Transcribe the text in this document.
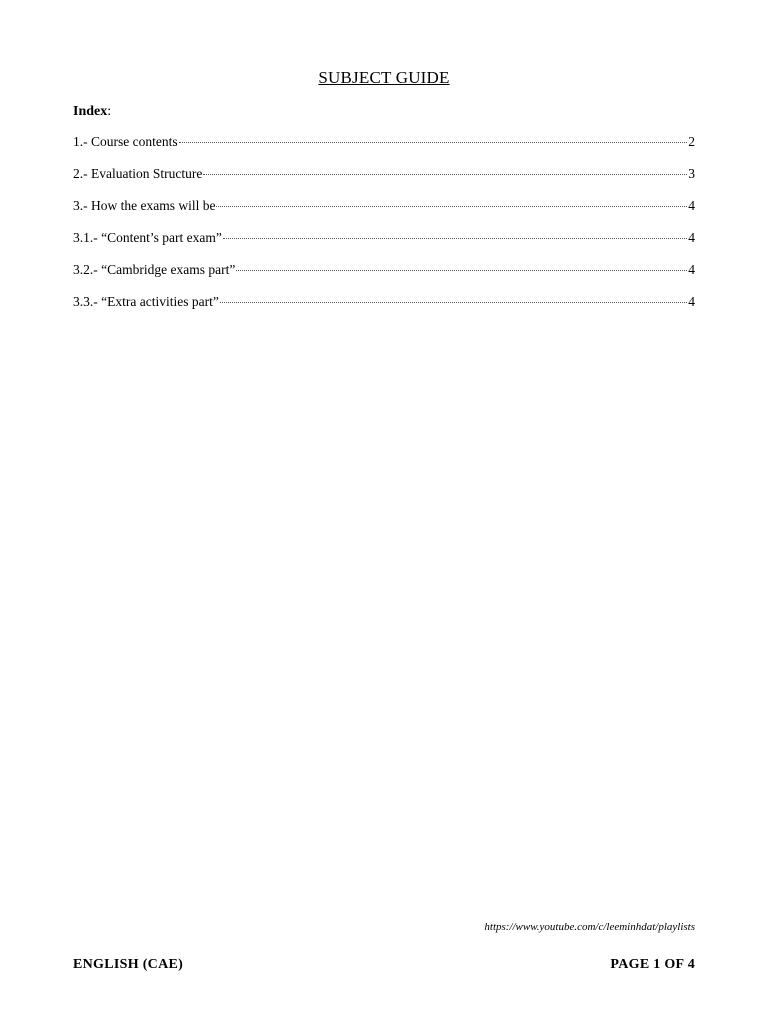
SUBJECT GUIDE
Index:
1.- Course contents	2
2.- Evaluation Structure	3
3.- How the exams will be	4
3.1.- “Content’s part exam”	4
3.2.- “Cambridge exams part”	4
3.3.- “Extra activities part”	4
https://www.youtube.com/c/leeminhdat/playlists
ENGLISH (CAE)	PAGE 1 OF 4
